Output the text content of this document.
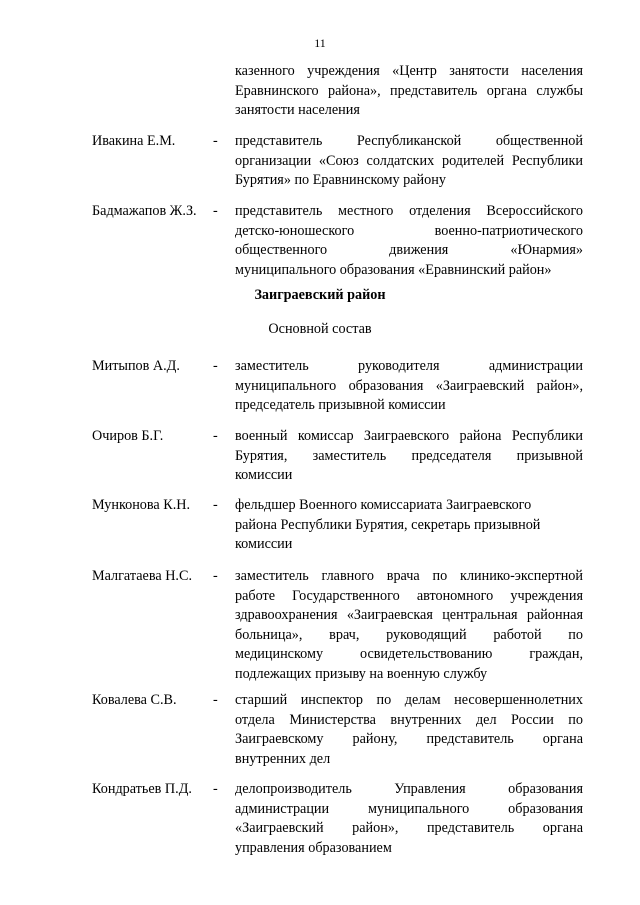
11
казенного учреждения «Центр занятости населения
Еравнинского района», представитель органа службы
занятости населения
Ивакина Е.М.	- представитель Республиканской общественной
организации «Союз солдатских родителей Республики
Бурятия» по Еравнинскому району
Бадмажапов Ж.З. - представитель местного отделения Всероссийского
детско-юношеского военно-патриотического
общественного движения «Юнармия»
муниципального образования «Еравнинский район»
Заиграевский район
Основной состав
Митыпов А.Д. - заместитель руководителя администрации
муниципального образования «Заиграевский район»,
председатель призывной комиссии
Очиров Б.Г.	- военный комиссар Заиграевского района Республики
Бурятия, заместитель председателя призывной
комиссии
Мунконова К.Н. - фельдшер Военного комиссариата Заиграевского
района Республики Бурятия, секретарь призывной
комиссии
Малгатаева Н.С. - заместитель главного врача по клинико-экспертной
работе Государственного автономного учреждения
здравоохранения «Заиграевская центральная районная
больница», врач, руководящий работой по
медицинскому освидетельствованию граждан,
подлежащих призыву на военную службу
Ковалева С.В.	- старший инспектор по делам несовершеннолетних
отдела Министерства внутренних дел России по
Заиграевскому району, представитель органа
внутренних дел
Кондратьев П.Д. - делопроизводитель Управления образования
администрации муниципального образования
«Заиграевский район», представитель органа
управления образованием
